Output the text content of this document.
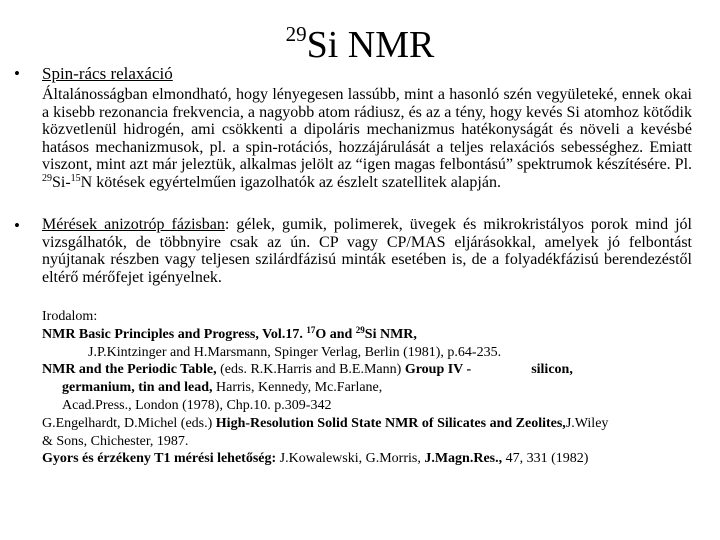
$^{29}$Si NMR
• Spin-rács relaxáció
Általánosságban elmondható, hogy lényegesen lassúbb, mint a hasonló szén vegyületeké, ennek okai a kisebb rezonancia frekvencia, a nagyobb atom rádiusz, és az a tény, hogy kevés Si atomhoz kötődik közvetlenül hidrogén, ami csökkenti a dipoláris mechanizmus hatékonyságát és növeli a kevésbé hatásos mechanizmusok, pl. a spin-rotációs, hozzájárulását a teljes relaxációs sebességhez. Emiatt viszont, mint azt már jeleztük, alkalmas jelölt az “igen magas felbontású” spektrumok készítésére. Pl. $^{29}$Si-$^{15}$N kötések egyértelműen igazolhatók az észlelt szatellitek alapján.
• Mérések anizotróp fázisban: gélek, gumik, polimerek, üvegek és mikrokristályos porok mind jól vizsgálhatók, de többnyire csak az ún. CP vagy CP/MAS eljárásokkal, amelyek jó felbontást nyújtanak részben vagy teljesen szilárdfázisú minták esetében is, de a folyadékfázisú berendezéstől eltérő mérőfejet igényelnek.
Irodalom:
NMR Basic Principles and Progress, Vol.17. $^{17}$O and $^{29}$Si NMR,
J.P.Kintzinger and H.Marsmann, Spinger Verlag, Berlin (1981), p.64-235.
NMR and the Periodic Table, (eds. R.K.Harris and B.E.Mann) Group IV -	silicon,
germanium, tin and lead, Harris, Kennedy, Mc.Farlane,
Acad.Press., London (1978), Chp.10. p.309-342
G.Engelhardt, D.Michel (eds.) High-Resolution Solid State NMR of Silicates and Zeolites,J.Wiley
& Sons, Chichester, 1987.
Gyors és érzékeny T1 mérési lehetőség: J.Kowalewski, G.Morris, J.Magn.Res., 47, 331 (1982)
